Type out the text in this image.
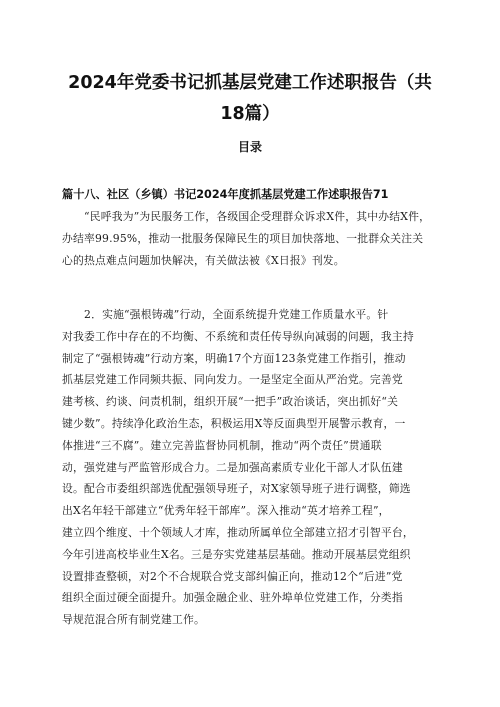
2024年党委书记抓基层党建工作述职报告（共
18篇）
目录
篇十八、社区（乡镇）书记2024年度抓基层党建工作述职报告71
“民呼我为”为民服务工作，各级国企受理群众诉求X件，其中办结X件，
办结率99.95%，推动一批服务保障民生的项目加快落地、一批群众关注关
心的热点难点问题加快解决，有关做法被《X日报》刊发。
2．实施“强根铸魂”行动，全面系统提升党建工作质量水平。针
对我委工作中存在的不均衡、不系统和责任传导纵向减弱的问题，我主持
制定了“强根铸魂”行动方案，明确17个方面123条党建工作指引，推动
抓基层党建工作同频共振、同向发力。一是坚定全面从严治党。完善党
建考核、约谈、问责机制，组织开展“一把手”政治谈话，突出抓好“关
键少数”。持续净化政治生态，积极运用X等反面典型开展警示教育，一
体推进“三不腐”。建立完善监督协同机制，推动“两个责任”贯通联
动，强党建与严监管形成合力。二是加强高素质专业化干部人才队伍建
设。配合市委组织部选优配强领导班子，对X家领导班子进行调整，筛选
出X名年轻干部建立“优秀年轻干部库”。深入推动“英才培养工程”，
建立四个维度、十个领域人才库，推动所属单位全部建立招才引智平台，
今年引进高校毕业生X名。三是夯实党建基层基础。推动开展基层党组织
设置排查整顿，对2个不合规联合党支部纠偏正向，推动12个“后进”党
组织全面过硬全面提升。加强金融企业、驻外埠单位党建工作，分类指
导规范混合所有制党建工作。
